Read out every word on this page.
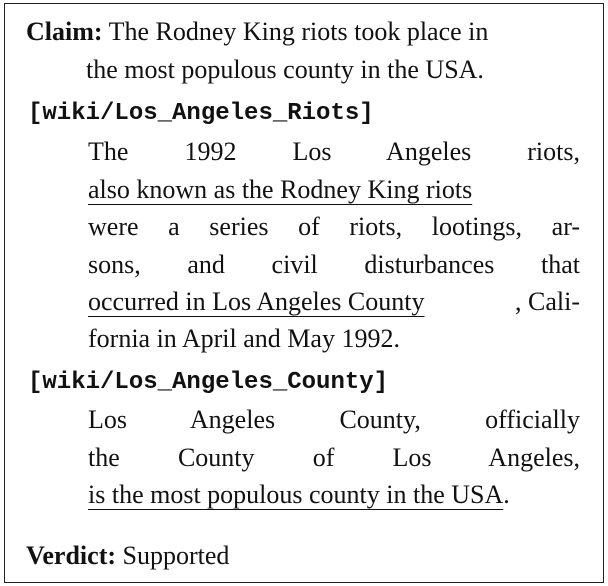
Claim: The Rodney King riots took place in
the most populous county in the USA.
[wiki/Los_Angeles_Riots]
The 1992 Los Angeles riots,
also known as the Rodney King riots
were a series of riots, lootings, ar-
sons, and civil disturbances that
occurred in Los Angeles County	, Cali-
fornia in April and May 1992.
[wiki/Los_Angeles_County]
Los Angeles County, officially
the County of Los Angeles,
is the most populous county in the USA.
Verdict: Supported
